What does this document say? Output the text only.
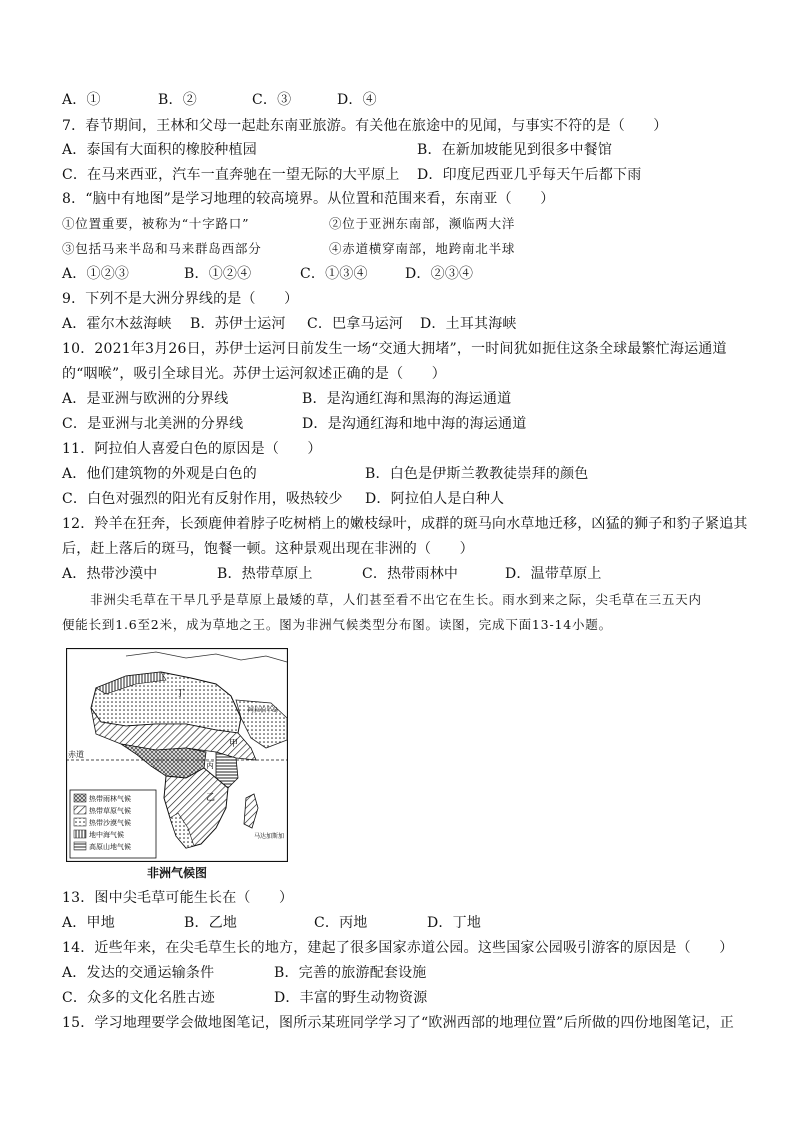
A．①	B．②	C．③	D．④
7．春节期间，王林和父母一起赴东南亚旅游。有关他在旅途中的见闻，与事实不符的是（　　）
A．泰国有大面积的橡胶种植园	B．在新加坡能见到很多中餐馆
C．在马来西亚，汽车一直奔驰在一望无际的大平原上 D．印度尼西亚几乎每天午后都下雨
8．“脑中有地图”是学习地理的较高境界。从位置和范围来看，东南亚（　　）
①位置重要，被称为“十字路口”	②位于亚洲东南部，濒临两大洋
③包括马来半岛和马来群岛西部分	④赤道横穿南部，地跨南北半球
A．①②③	B．①②④	C．①③④	D．②③④
9．下列不是大洲分界线的是（　　）
A．霍尔木兹海峡 B．苏伊士运河 C．巴拿马运河 D．土耳其海峡
10．2021年3月26日，苏伊士运河日前发生一场“交通大拥堵”，一时间犹如扼住这条全球最繁忙海运通道
的“咽喉”，吸引全球目光。苏伊士运河叙述正确的是（　　）
A．是亚洲与欧洲的分界线	B．是沟通红海和黑海的海运通道
C．是亚洲与北美洲的分界线	D．是沟通红海和地中海的海运通道
11．阿拉伯人喜爱白色的原因是（　　）
A．他们建筑物的外观是白色的	B．白色是伊斯兰教教徒崇拜的颜色
C．白色对强烈的阳光有反射作用，吸热较少 D．阿拉伯人是白种人
12．羚羊在狂奔，长颈鹿伸着脖子吃树梢上的嫩枝绿叶，成群的斑马向水草地迁移，凶猛的狮子和豹子紧追其
后，赶上落后的斑马，饱餐一顿。这种景观出现在非洲的（　　）
A．热带沙漠中	B．热带草原上	C．热带雨林中	D．温带草原上
非洲尖毛草在干旱几乎是草原上最矮的草，人们甚至看不出它在生长。雨水到来之际，尖毛草在三五天内
便能长到1.6至2米，成为草地之王。图为非洲气候类型分布图。读图，完成下面13-14小题。
赤道
丁
甲
丙
乙
阿拉伯半岛
马达加斯加
热带雨林气候
热带草原气候
热带沙漠气候
地中海气候
高原山地气候
非洲气候图
13．图中尖毛草可能生长在（　　）
A．甲地	B．乙地	C．丙地	D．丁地
14．近些年来，在尖毛草生长的地方，建起了很多国家赤道公园。这些国家公园吸引游客的原因是（　　）
A．发达的交通运输条件	B．完善的旅游配套设施
C．众多的文化名胜古迹	D．丰富的野生动物资源
15．学习地理要学会做地图笔记，图所示某班同学学习了“欧洲西部的地理位置”后所做的四份地图笔记，正
